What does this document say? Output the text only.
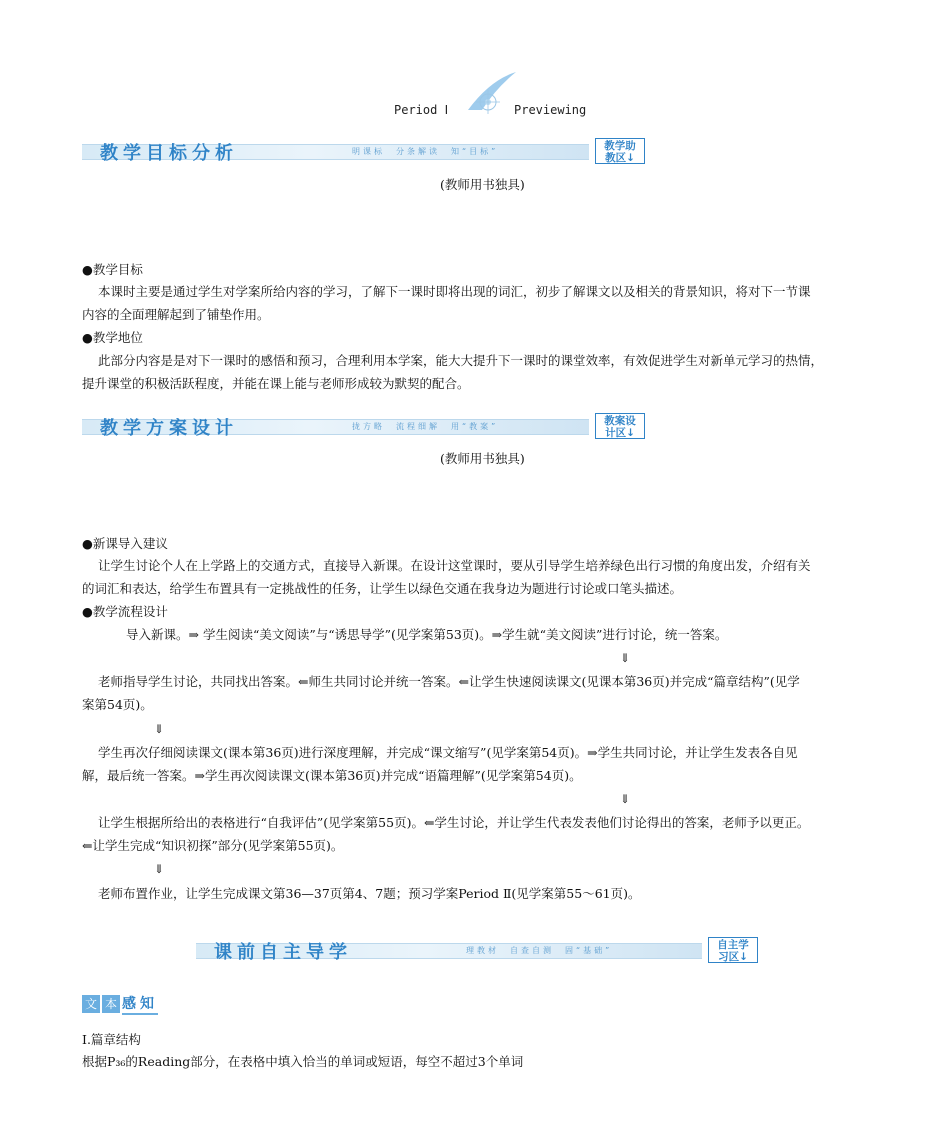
Period Ⅰ	Previewing
教学目标分析	明课标　分条解读　知“目标”	教学助
教区↓
(教师用书独具)
●教学目标
本课时主要是通过学生对学案所给内容的学习，了解下一课时即将出现的词汇，初步了解课文以及相关的背景知识，将对下一节课
内容的全面理解起到了铺垫作用。
●教学地位
此部分内容是是对下一课时的感悟和预习，合理利用本学案，能大大提升下一课时的课堂效率，有效促进学生对新单元学习的热情，
提升课堂的积极活跃程度，并能在课上能与老师形成较为默契的配合。
教学方案设计	拢方略　流程细解　用“教案”	教案设
计区↓
(教师用书独具)
●新课导入建议
让学生讨论个人在上学路上的交通方式，直接导入新课。在设计这堂课时，要从引导学生培养绿色出行习惯的角度出发，介绍有关
的词汇和表达，给学生布置具有一定挑战性的任务，让学生以绿色交通在我身边为题进行讨论或口笔头描述。
●教学流程设计
导入新课。⇒ 学生阅读“美文阅读”与“诱思导学”(见学案第53页)。⇒学生就“美文阅读”进行讨论，统一答案。
⇓
老师指导学生讨论，共同找出答案。⇐师生共同讨论并统一答案。⇐让学生快速阅读课文(见课本第36页)并完成“篇章结构”(见学
案第54页)。
⇓
学生再次仔细阅读课文(课本第36页)进行深度理解，并完成“课文缩写”(见学案第54页)。⇒学生共同讨论，并让学生发表各自见
解，最后统一答案。⇒学生再次阅读课文(课本第36页)并完成“语篇理解”(见学案第54页)。
⇓
让学生根据所给出的表格进行“自我评估”(见学案第55页)。⇐学生讨论，并让学生代表发表他们讨论得出的答案，老师予以更正。
⇐让学生完成“知识初探”部分(见学案第55页)。
⇓
老师布置作业，让学生完成课文第36—37页第4、7题；预习学案Period Ⅱ(见学案第55～61页)。
课前自主导学	理教材　自查自测　固“基础”	自主学
习区↓
文 本 感知
Ⅰ.篇章结构
根据P₃₆的Reading部分，在表格中填入恰当的单词或短语，每空不超过3个单词
